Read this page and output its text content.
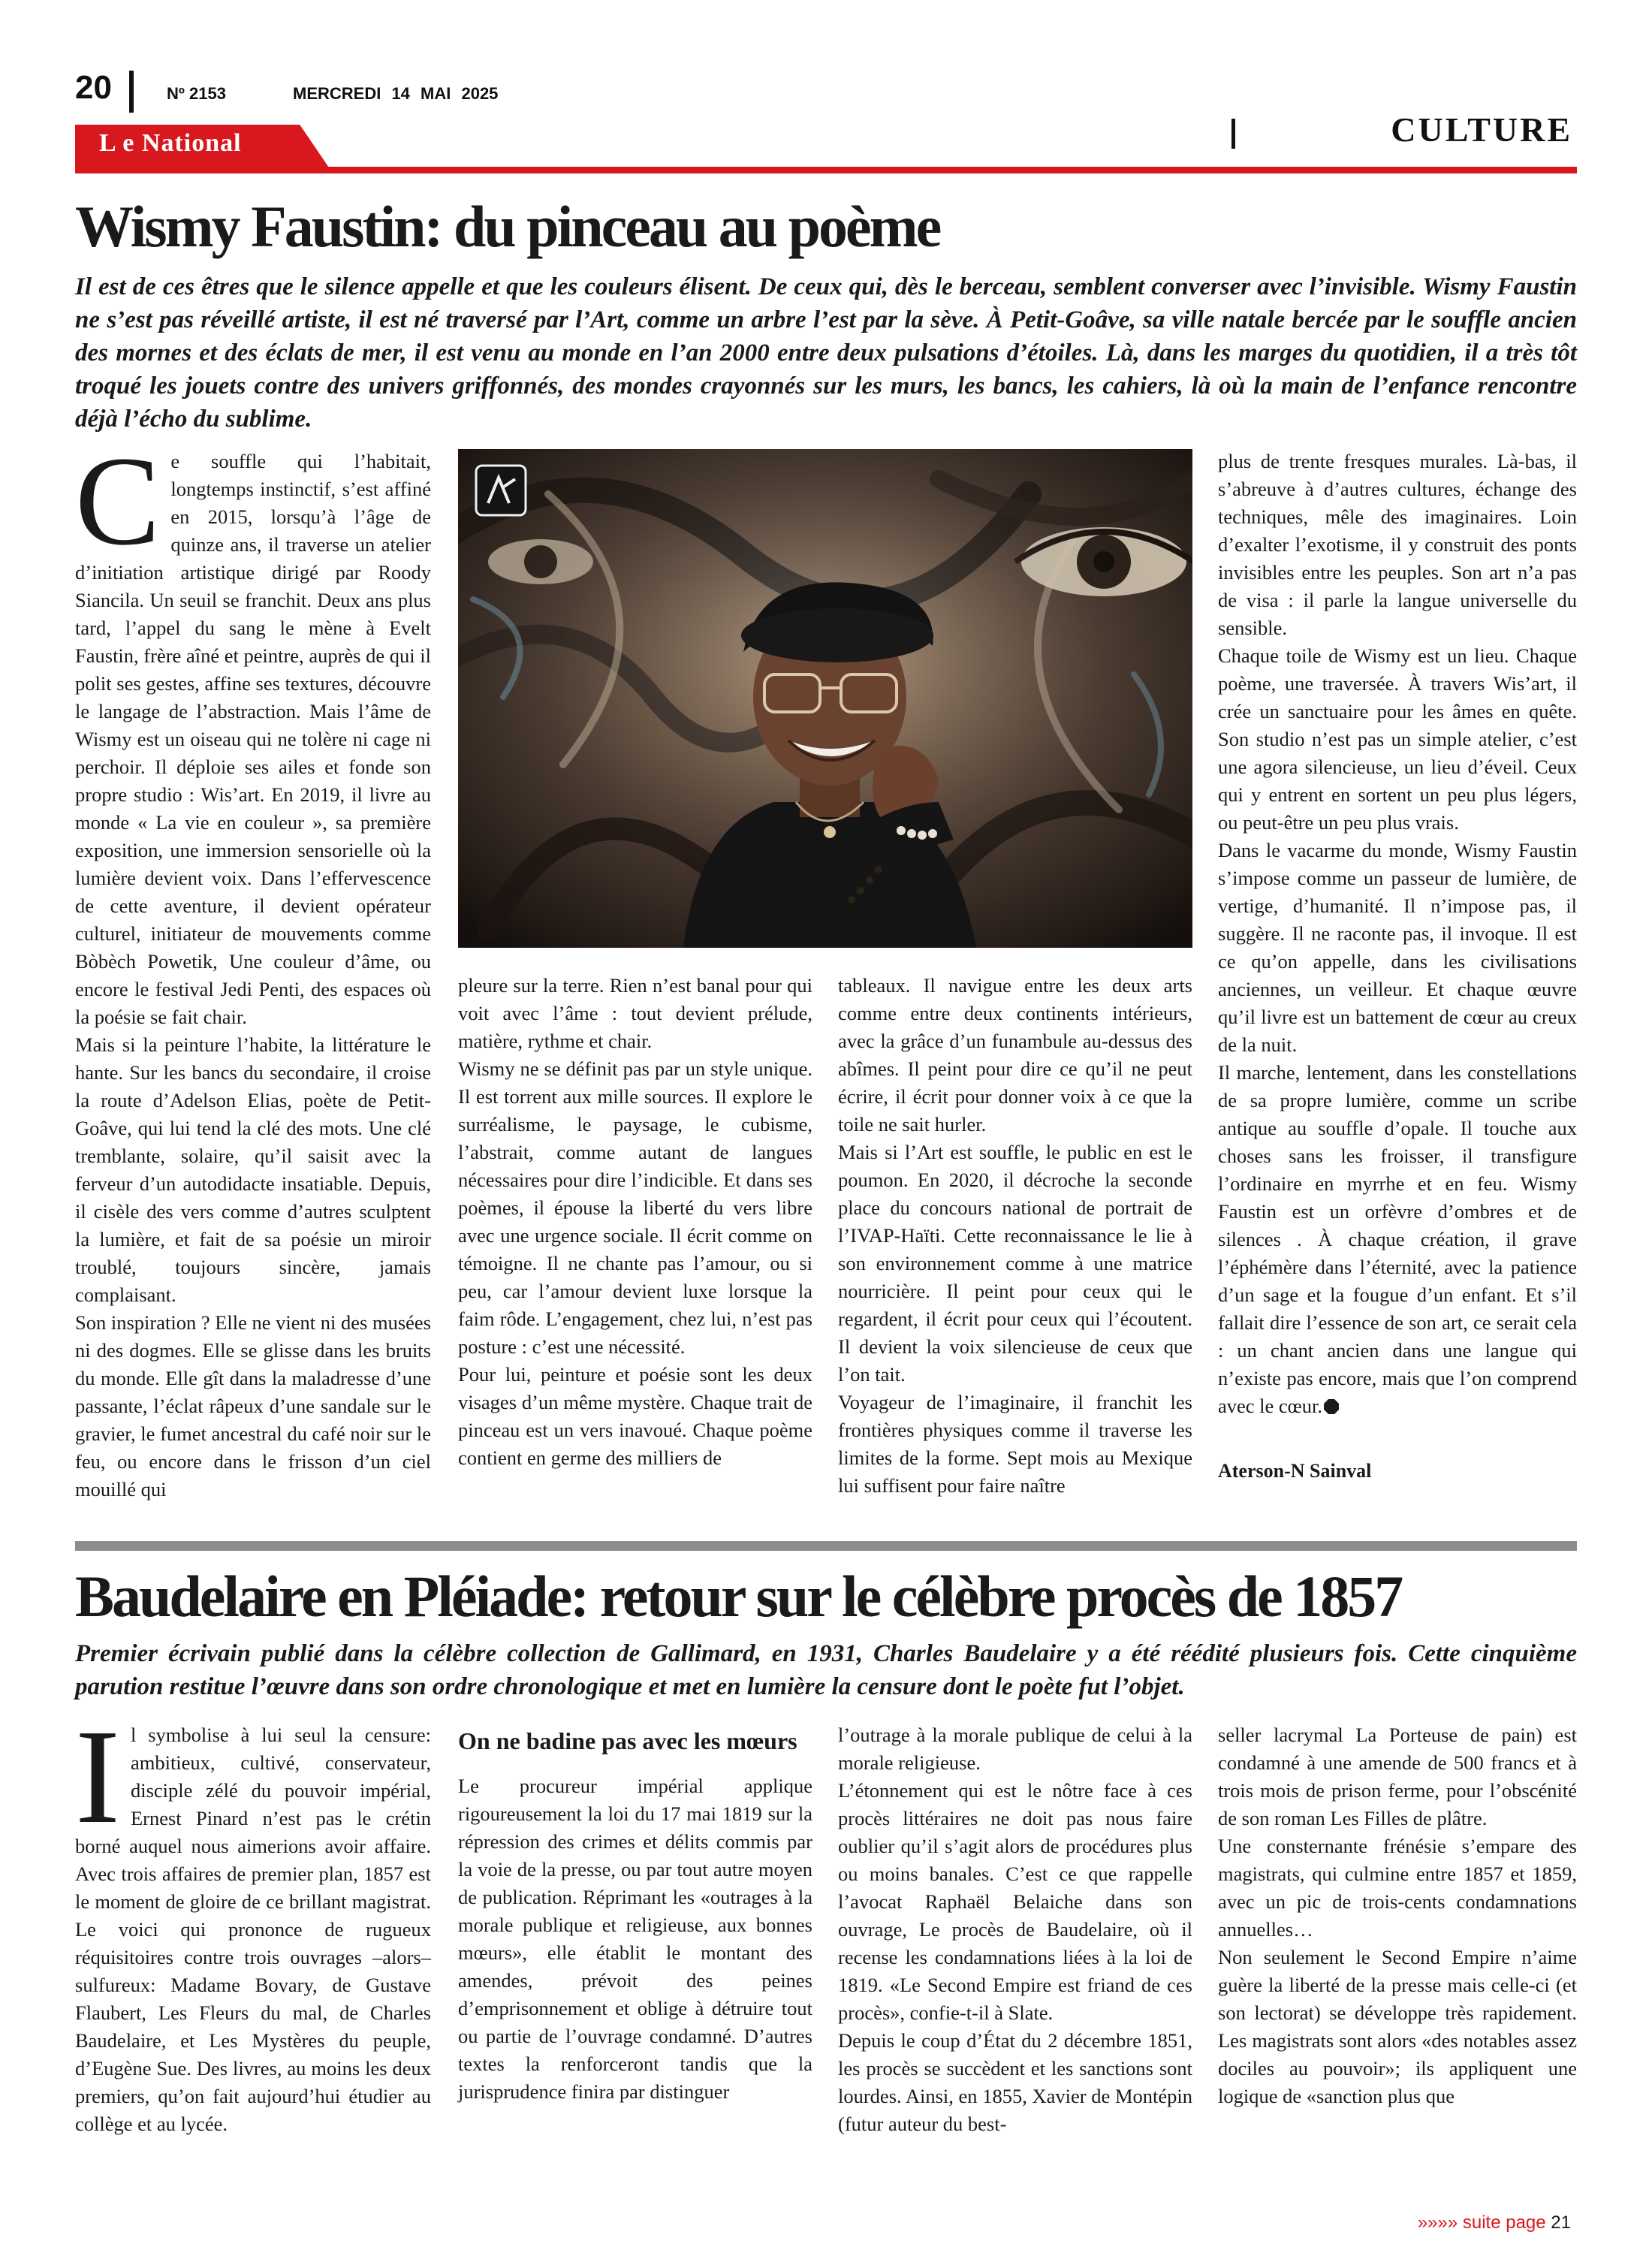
20	Nº 2153	MERCREDI 14 MAI 2025
CULTURE
L e National
Wismy Faustin: du pinceau au poème
Il est de ces êtres que le silence appelle et que les couleurs élisent. De ceux qui, dès le berceau, semblent converser avec l’invisible. Wismy Faustin ne s’est pas réveillé artiste, il est né traversé par l’Art, comme un arbre l’est par la sève. À Petit-Goâve, sa ville natale bercée par le souffle ancien des mornes et des éclats de mer, il est venu au monde en l’an 2000 entre deux pulsations d’étoiles. Là, dans les marges du quotidien, il a très tôt troqué les jouets contre des univers griffonnés, des mondes crayonnés sur les murs, les bancs, les cahiers, là où la main de l’enfance rencontre déjà l’écho du sublime.

Ce souffle qui l’habitait, longtemps instinctif, s’est affiné en 2015, lorsqu’à l’âge de quinze ans, il traverse un atelier d’initiation artistique dirigé par Roody Siancila. Un seuil se franchit. Deux ans plus tard, l’appel du sang le mène à Evelt Faustin, frère aîné et peintre, auprès de qui il polit ses gestes, affine ses textures, découvre le langage de l’abstraction. Mais l’âme de Wismy est un oiseau qui ne tolère ni cage ni perchoir. Il déploie ses ailes et fonde son propre studio : Wis’art. En 2019, il livre au monde « La vie en couleur », sa première exposition, une immersion sensorielle où la lumière devient voix. Dans l’effervescence de cette aventure, il devient opérateur culturel, initiateur de mouvements comme Bòbèch Powetik, Une couleur d’âme, ou encore le festival Jedi Penti, des espaces où la poésie se fait chair.

Mais si la peinture l’habite, la littérature le hante. Sur les bancs du secondaire, il croise la route d’Adelson Elias, poète de Petit-Goâve, qui lui tend la clé des mots. Une clé tremblante, solaire, qu’il saisit avec la ferveur d’un autodidacte insatiable. Depuis, il cisèle des vers comme d’autres sculptent la lumière, et fait de sa poésie un miroir troublé, toujours sincère, jamais complaisant.

Son inspiration ? Elle ne vient ni des musées ni des dogmes. Elle se glisse dans les bruits du monde. Elle gît dans la maladresse d’une passante, l’éclat râpeux d’une sandale sur le gravier, le fumet ancestral du café noir sur le feu, ou encore dans le frisson d’un ciel mouillé qui

pleure sur la terre. Rien n’est banal pour qui voit avec l’âme : tout devient prélude, matière, rythme et chair.

Wismy ne se définit pas par un style unique. Il est torrent aux mille sources. Il explore le surréalisme, le paysage, le cubisme, l’abstrait, comme autant de langues nécessaires pour dire l’indicible. Et dans ses poèmes, il épouse la liberté du vers libre avec une urgence sociale. Il écrit comme on témoigne. Il ne chante pas l’amour, ou si peu, car l’amour devient luxe lorsque la faim rôde. L’engagement, chez lui, n’est pas posture : c’est une nécessité.

Pour lui, peinture et poésie sont les deux visages d’un même mystère. Chaque trait de pinceau est un vers inavoué. Chaque poème contient en germe des milliers de

tableaux. Il navigue entre les deux arts comme entre deux continents intérieurs, avec la grâce d’un funambule au-dessus des abîmes. Il peint pour dire ce qu’il ne peut écrire, il écrit pour donner voix à ce que la toile ne sait hurler.

Mais si l’Art est souffle, le public en est le poumon. En 2020, il décroche la seconde place du concours national de portrait de l’IVAP-Haïti. Cette reconnaissance le lie à son environnement comme à une matrice nourricière. Il peint pour ceux qui le regardent, il écrit pour ceux qui l’écoutent. Il devient la voix silencieuse de ceux que l’on tait.

Voyageur de l’imaginaire, il franchit les frontières physiques comme il traverse les limites de la forme. Sept mois au Mexique lui suffisent pour faire naître

plus de trente fresques murales. Là-bas, il s’abreuve à d’autres cultures, échange des techniques, mêle des imaginaires. Loin d’exalter l’exotisme, il y construit des ponts invisibles entre les peuples. Son art n’a pas de visa : il parle la langue universelle du sensible.

Chaque toile de Wismy est un lieu. Chaque poème, une traversée. À travers Wis’art, il crée un sanctuaire pour les âmes en quête. Son studio n’est pas un simple atelier, c’est une agora silencieuse, un lieu d’éveil. Ceux qui y entrent en sortent un peu plus légers, ou peut-être un peu plus vrais.

Dans le vacarme du monde, Wismy Faustin s’impose comme un passeur de lumière, de vertige, d’humanité. Il n’impose pas, il suggère. Il ne raconte pas, il invoque. Il est ce qu’on appelle, dans les civilisations anciennes, un veilleur. Et chaque œuvre qu’il livre est un battement de cœur au creux de la nuit.

Il marche, lentement, dans les constellations de sa propre lumière, comme un scribe antique au souffle d’opale. Il touche aux choses sans les froisser, il transfigure l’ordinaire en myrrhe et en feu. Wismy Faustin est un orfèvre d’ombres et de silences . À chaque création, il grave l’éphémère dans l’éternité, avec la patience d’un sage et la fougue d’un enfant. Et s’il fallait dire l’essence de son art, ce serait cela : un chant ancien dans une langue qui n’existe pas encore, mais que l’on comprend avec le cœur.

Aterson-N Sainval
Baudelaire en Pléiade: retour sur le célèbre procès de 1857
Premier écrivain publié dans la célèbre collection de Gallimard, en 1931, Charles Baudelaire y a été réédité plusieurs fois. Cette cinquième parution restitue l’œuvre dans son ordre chronologique et met en lumière la censure dont le poète fut l’objet.

Il symbolise à lui seul la censure: ambitieux, cultivé, conservateur, disciple zélé du pouvoir impérial, Ernest Pinard n’est pas le crétin borné auquel nous aimerions avoir affaire. Avec trois affaires de premier plan, 1857 est le moment de gloire de ce brillant magistrat. Le voici qui prononce de rugueux réquisitoires contre trois ouvrages –alors– sulfureux: Madame Bovary, de Gustave Flaubert, Les Fleurs du mal, de Charles Baudelaire, et Les Mystères du peuple, d’Eugène Sue. Des livres, au moins les deux premiers, qu’on fait aujourd’hui étudier au collège et au lycée.

On ne badine pas avec les mœurs

Le procureur impérial applique rigoureusement la loi du 17 mai 1819 sur la répression des crimes et délits commis par la voie de la presse, ou par tout autre moyen de publication. Réprimant les «outrages à la morale publique et religieuse, aux bonnes mœurs», elle établit le montant des amendes, prévoit des peines d’emprisonnement et oblige à détruire tout ou partie de l’ouvrage condamné. D’autres textes la renforceront tandis que la jurisprudence finira par distinguer

l’outrage à la morale publique de celui à la morale religieuse.

L’étonnement qui est le nôtre face à ces procès littéraires ne doit pas nous faire oublier qu’il s’agit alors de procédures plus ou moins banales. C’est ce que rappelle l’avocat Raphaël Belaiche dans son ouvrage, Le procès de Baudelaire, où il recense les condamnations liées à la loi de 1819. «Le Second Empire est friand de ces procès», confie-t-il à Slate.

Depuis le coup d’État du 2 décembre 1851, les procès se succèdent et les sanctions sont lourdes. Ainsi, en 1855, Xavier de Montépin (futur auteur du best-

seller lacrymal La Porteuse de pain) est condamné à une amende de 500 francs et à trois mois de prison ferme, pour l’obscénité de son roman Les Filles de plâtre.

Une consternante frénésie s’empare des magistrats, qui culmine entre 1857 et 1859, avec un pic de trois-cents condamnations annuelles…

Non seulement le Second Empire n’aime guère la liberté de la presse mais celle-ci (et son lectorat) se développe très rapidement. Les magistrats sont alors «des notables assez dociles au pouvoir»; ils appliquent une logique de «sanction plus que

»»»» suite page 21
